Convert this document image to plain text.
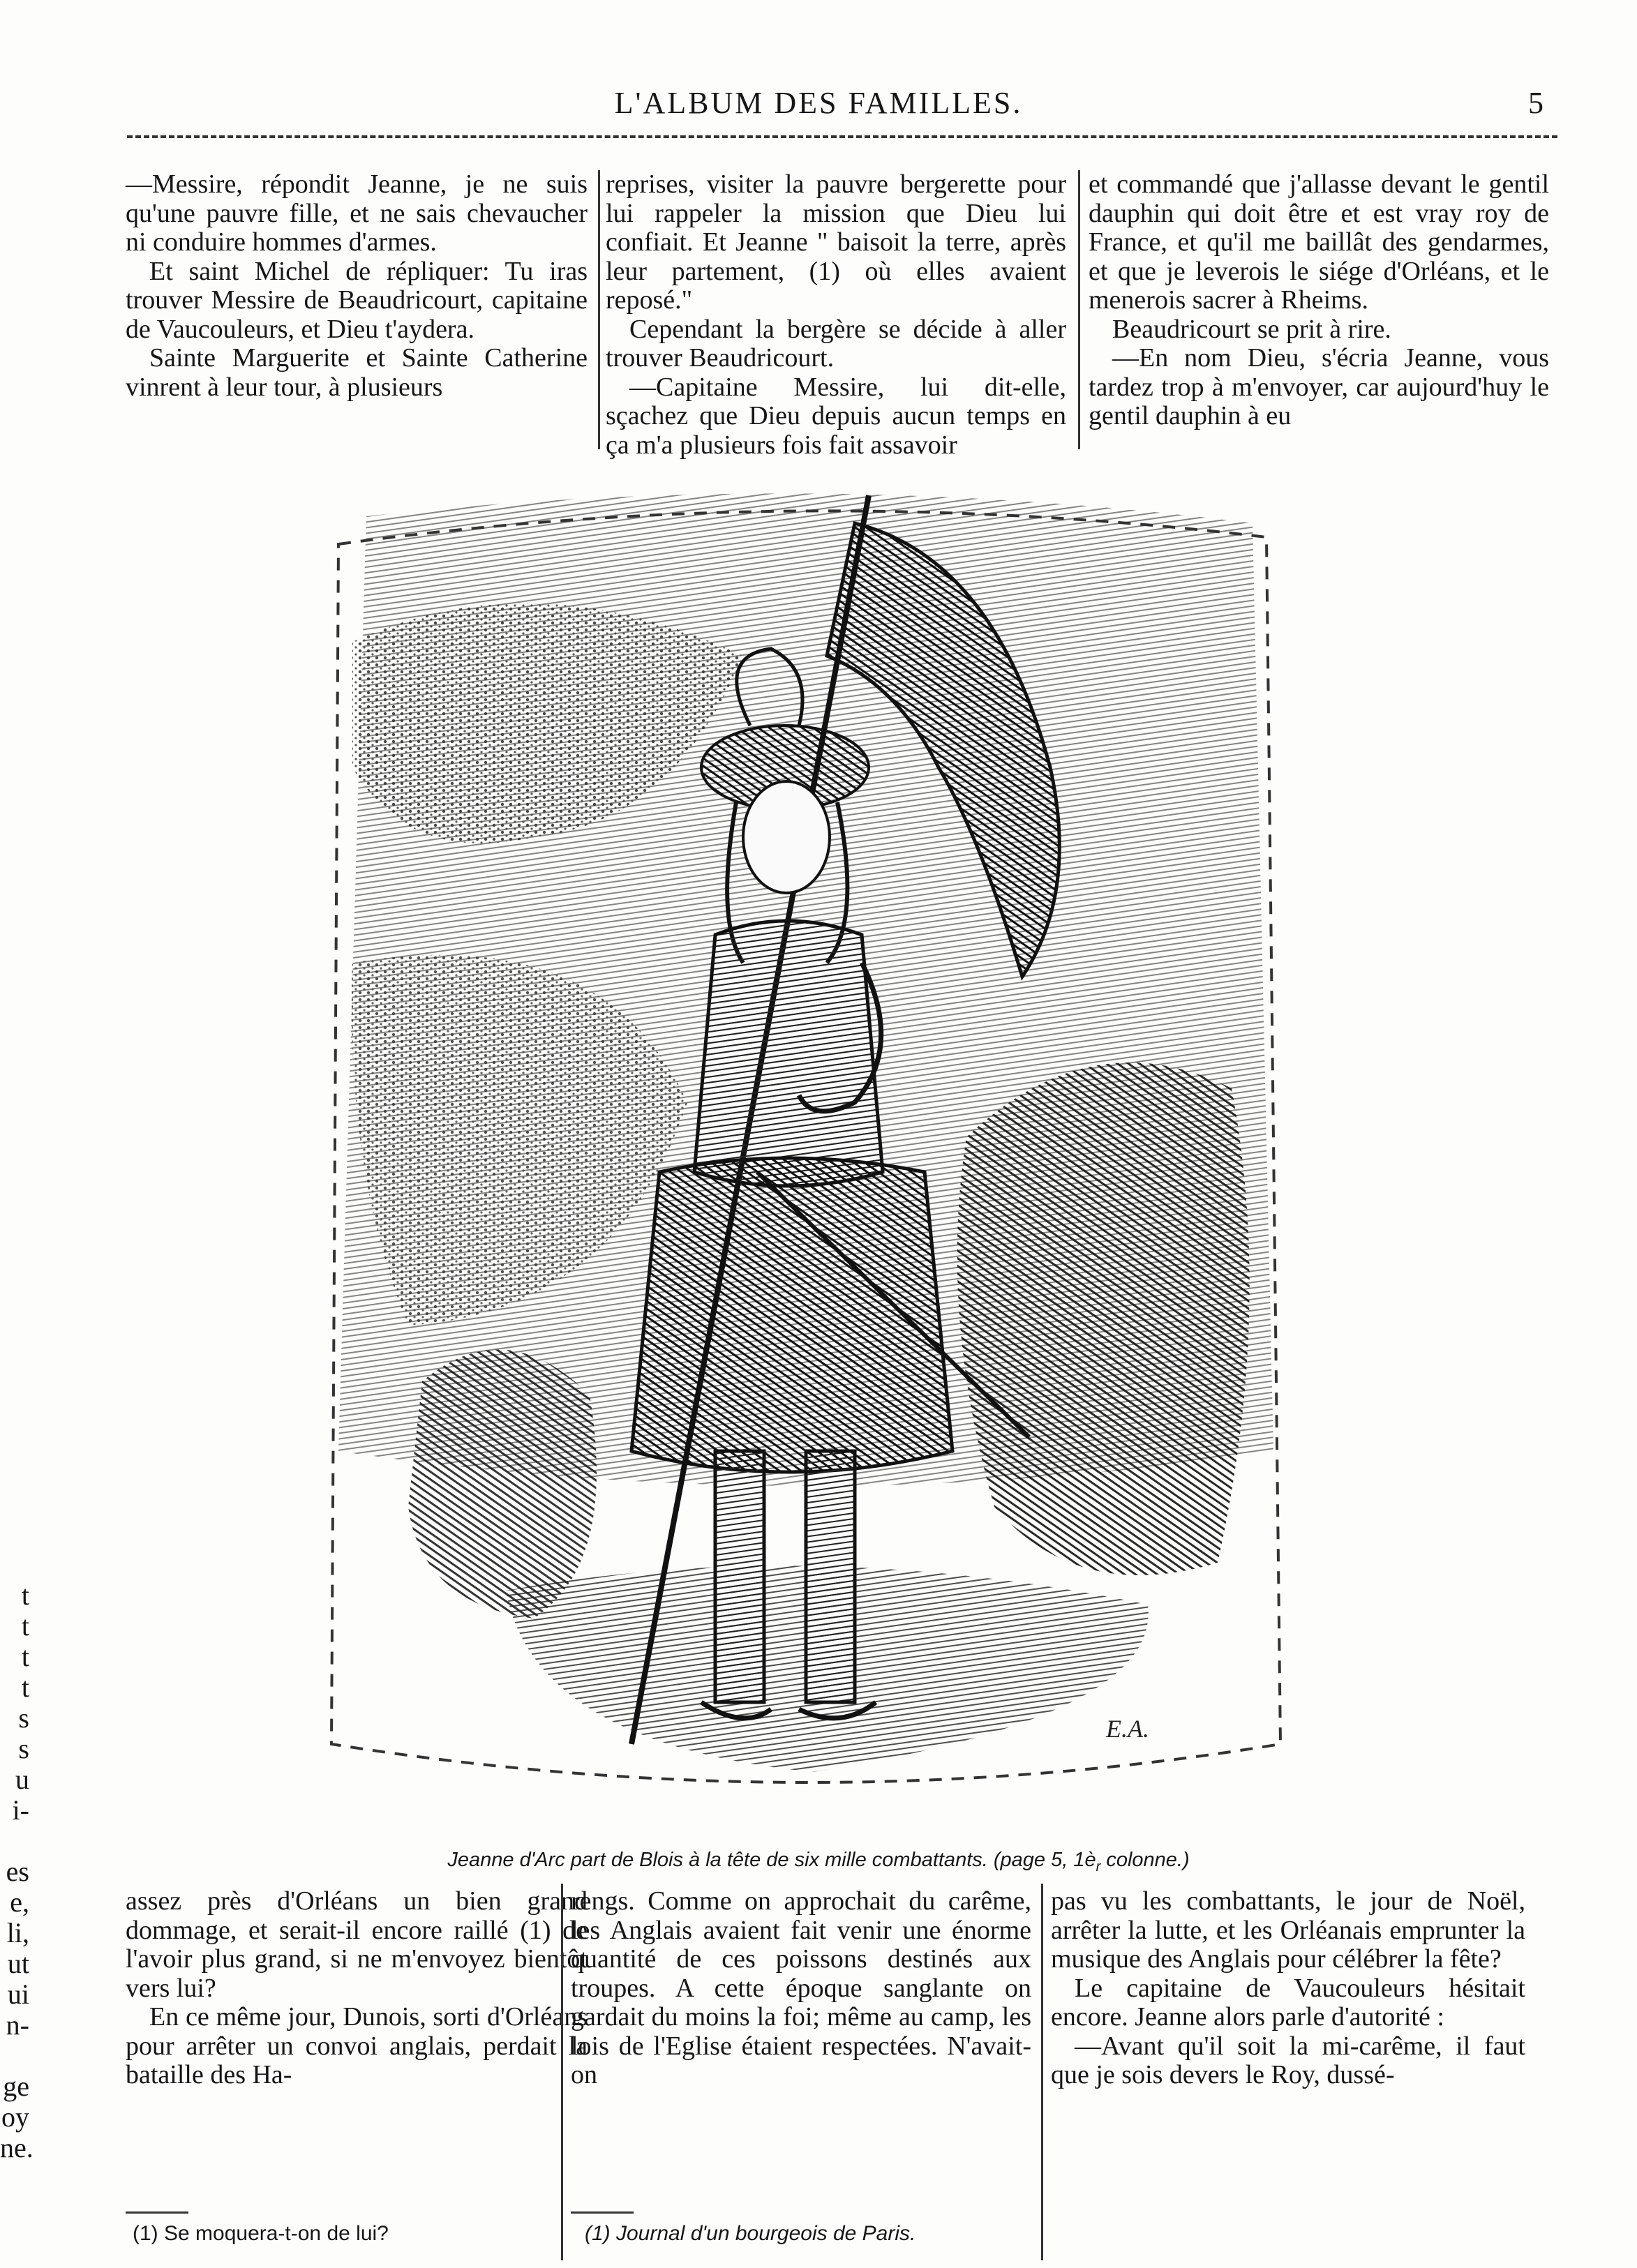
L'ALBUM DES FAMILLES.	5

—Messire, répondit Jeanne, je ne suis qu'une pauvre fille, et ne sais chevaucher ni conduire hommes d'armes.

Et saint Michel de répliquer: Tu iras trouver Messire de Beaudricourt, capitaine de Vaucouleurs, et Dieu t'aydera.

Sainte Marguerite et Sainte Catherine vinrent à leur tour, à plusieurs

reprises, visiter la pauvre bergerette pour lui rappeler la mission que Dieu lui confiait. Et Jeanne " baisoit la terre, après leur partement, (1) où elles avaient reposé."

Cependant la bergère se décide à aller trouver Beaudricourt.

—Capitaine Messire, lui dit-elle, sçachez que Dieu depuis aucun temps en ça m'a plusieurs fois fait assavoir

et commandé que j'allasse devant le gentil dauphin qui doit être et est vray roy de France, et qu'il me baillât des gendarmes, et que je leverois le siége d'Orléans, et le menerois sacrer à Rheims.

Beaudricourt se prit à rire.

—En nom Dieu, s'écria Jeanne, vous tardez trop à m'envoyer, car aujourd'huy le gentil dauphin à eu

E.A.
Jeanne d'Arc part de Blois à la tête de six mille combattants. (page 5, $1è_r$ colonne.)

assez près d'Orléans un bien grand dommage, et serait-il encore raillé (1) de l'avoir plus grand, si ne m'envoyez bientôt vers lui?

En ce même jour, Dunois, sorti d'Orléans pour arrêter un convoi anglais, perdait la bataille des Ha-

(1) Se moquera-t-on de lui?

rengs. Comme on approchait du carême, les Anglais avaient fait venir une énorme quantité de ces poissons destinés aux troupes. A cette époque sanglante on gardait du moins la foi; même au camp, les lois de l'Eglise étaient respectées. N'avait-on

(1) Journal d'un bourgeois de Paris.

pas vu les combattants, le jour de Noël, arrêter la lutte, et les Orléanais emprunter la musique des Anglais pour célébrer la fête?

Le capitaine de Vaucouleurs hésitait encore. Jeanne alors parle d'autorité :

—Avant qu'il soit la mi-carême, il faut que je sois devers le Roy, dussé-

t
t
t
t
s
s
u
i-

es
e,
li,
ut
ui
n-

ge
oy
ne.
